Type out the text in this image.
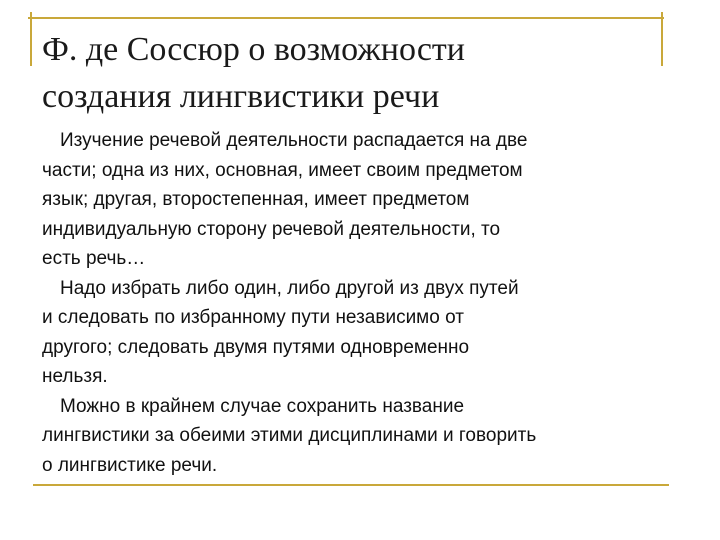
Ф. де Соссюр о возможности
создания лингвистики речи
Изучение речевой деятельности распадается на две
части; одна из них, основная, имеет своим предметом
язык; другая, второстепенная, имеет предметом
индивидуальную сторону речевой деятельности, то
есть речь…
Надо избрать либо один, либо другой из двух путей
и следовать по избранному пути независимо от
другого; следовать двумя путями одновременно
нельзя.
Можно в крайнем случае сохранить название
лингвистики за обеими этими дисциплинами и говорить
о лингвистике речи.
